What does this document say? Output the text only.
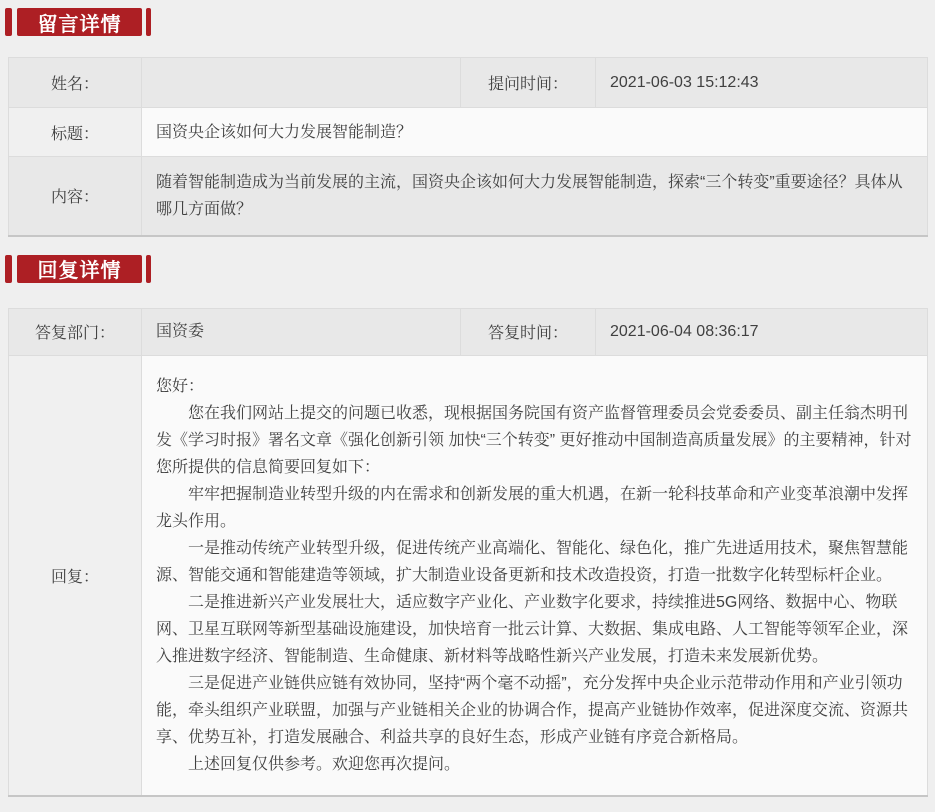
留言详情
姓名：		提问时间：	2021-06-03 15:12:43
标题：	国资央企该如何大力发展智能制造？		
内容：	随着智能制造成为当前发展的主流，国资央企该如何大力发展智能制造，探索“三个转变”重要途径？具体从哪几方面做？		
回复详情
答复部门：	国资委	答复时间：	2021-06-04 08:36:17
回复：	

您好：

　　您在我们网站上提交的问题已收悉，现根据国务院国有资产监督管理委员会党委委员、副主任翁杰明刊发《学习时报》署名文章《强化创新引领 加快“三个转变” 更好推动中国制造高质量发展》的主要精神，针对您所提供的信息简要回复如下：

　　牢牢把握制造业转型升级的内在需求和创新发展的重大机遇，在新一轮科技革命和产业变革浪潮中发挥龙头作用。

　　一是推动传统产业转型升级，促进传统产业高端化、智能化、绿色化，推广先进适用技术，聚焦智慧能源、智能交通和智能建造等领域，扩大制造业设备更新和技术改造投资，打造一批数字化转型标杆企业。

　　二是推进新兴产业发展壮大，适应数字产业化、产业数字化要求，持续推进5G网络、数据中心、物联网、卫星互联网等新型基础设施建设，加快培育一批云计算、大数据、集成电路、人工智能等领军企业，深入推进数字经济、智能制造、生命健康、新材料等战略性新兴产业发展，打造未来发展新优势。

　　三是促进产业链供应链有效协同，坚持“两个毫不动摇”，充分发挥中央企业示范带动作用和产业引领功能，牵头组织产业联盟，加强与产业链相关企业的协调合作，提高产业链协作效率，促进深度交流、资源共享、优势互补，打造发展融合、利益共享的良好生态，形成产业链有序竞合新格局。

　　上述回复仅供参考。欢迎您再次提问。
